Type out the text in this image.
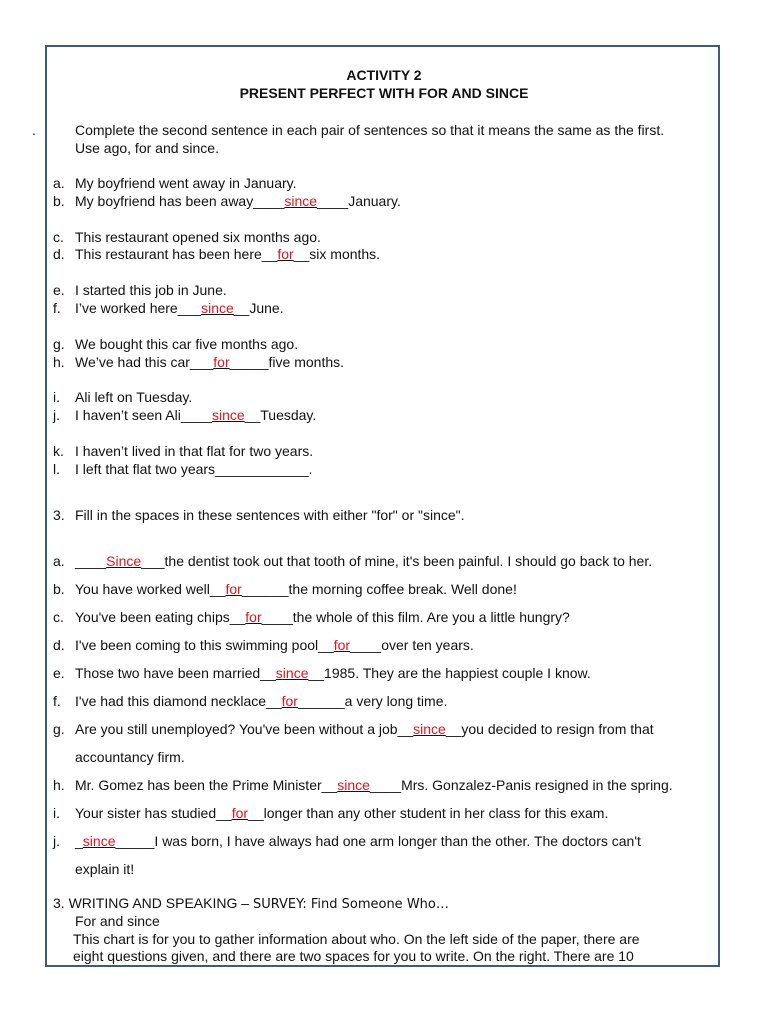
ACTIVITY 2
PRESENT PERFECT WITH FOR AND SINCE
.	Complete the second sentence in each pair of sentences so that it means the same as the first.
Use ago, for and since.
a. My boyfriend went away in January.
b. My boyfriend has been away____since____January.
c. This restaurant opened six months ago.
d. This restaurant has been here__for__six months.
e. I started this job in June.
f. I’ve worked here___since__June.
g. We bought this car five months ago.
h. We’ve had this car___for_____five months.
i. Ali left on Tuesday.
j. I haven’t seen Ali____since__Tuesday.
k. I haven’t lived in that flat for two years.
l. I left that flat two years____________.
3. Fill in the spaces in these sentences with either "for" or "since".
a. ____Since___the dentist took out that tooth of mine, it's been painful. I should go back to her.
b. You have worked well__for______the morning coffee break. Well done!
c. You've been eating chips__for____the whole of this film. Are you a little hungry?
d. I've been coming to this swimming pool__for____over ten years.
e. Those two have been married__since__1985. They are the happiest couple I know.
f. I've had this diamond necklace__for______a very long time.
g. Are you still unemployed? You've been without a job__since__you decided to resign from that
accountancy firm.
h. Mr. Gomez has been the Prime Minister__since____Mrs. Gonzalez-Panis resigned in the spring.
i. Your sister has studied__for__longer than any other student in her class for this exam.
j. _since_____I was born, I have always had one arm longer than the other. The doctors can't
explain it!
3. WRITING AND SPEAKING – SURVEY: Find Someone Who…
For and since
This chart is for you to gather information about who. On the left side of the paper, there are
eight questions given, and there are two spaces for you to write. On the right. There are 10
